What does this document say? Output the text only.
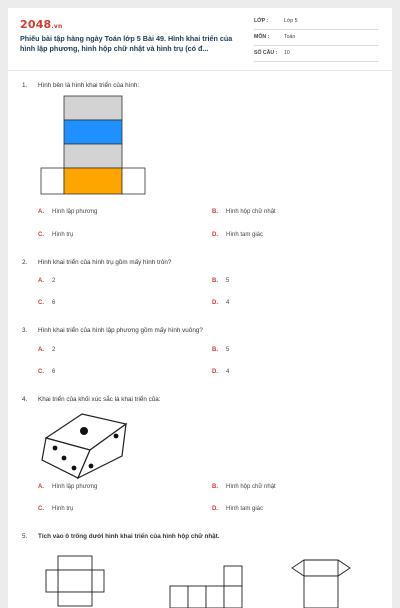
2048.vn
Phiếu bài tập hàng ngày Toán lớp 5 Bài 49. Hình khai triển của hình lập phương, hình hộp chữ nhật và hình trụ (có đ...
LỚP :	Lớp 5
MÔN :	Toán
SỐ CÂU : 10
1. Hình bên là hình khai triển của hình:
A. Hình lập phương	B. Hình hộp chữ nhật
C. Hình trụ	D. Hình tam giác
2. Hình khai triển của hình trụ gồm mấy hình tròn?
A. 2	B. 5
C. 6	D. 4
3. Hình khai triển của hình lập phương gồm mấy hình vuông?
A. 2	B. 5
C. 6	D. 4
4. Khai triển của khối xúc sắc là khai triển của:
A. Hình lập phương	B. Hình hộp chữ nhật
C. Hình trụ	D. Hình tam giác
5. Tích vào ô trống dưới hình khai triển của hình hộp chữ nhật.
